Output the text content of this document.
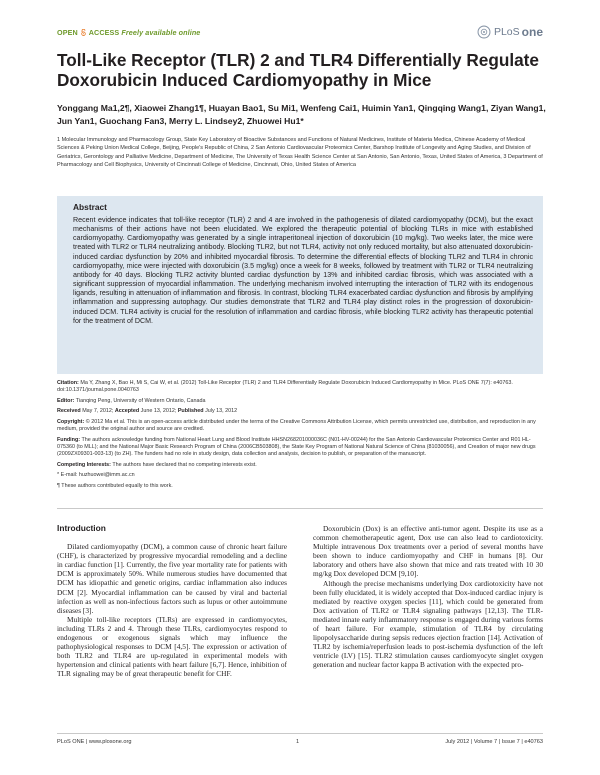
OPEN ACCESS Freely available online	PLoS one
Toll-Like Receptor (TLR) 2 and TLR4 Differentially Regulate Doxorubicin Induced Cardiomyopathy in Mice
Yonggang Ma1,2¶, Xiaowei Zhang1¶, Huayan Bao1, Su Mi1, Wenfeng Cai1, Huimin Yan1, Qingqing Wang1, Ziyan Wang1, Jun Yan1, Guochang Fan3, Merry L. Lindsey2, Zhuowei Hu1*
1 Molecular Immunology and Pharmacology Group, State Key Laboratory of Bioactive Substances and Functions of Natural Medicines, Institute of Materia Medica, Chinese Academy of Medical Sciences & Peking Union Medical College, Beijing, People's Republic of China, 2 San Antonio Cardiovascular Proteomics Center, Barshop Institute of Longevity and Aging Studies, and Division of Geriatrics, Gerontology and Palliative Medicine, Department of Medicine, The University of Texas Health Science Center at San Antonio, San Antonio, Texas, United States of America, 3 Department of Pharmacology and Cell Biophysics, University of Cincinnati College of Medicine, Cincinnati, Ohio, United States of America
Abstract
Recent evidence indicates that toll-like receptor (TLR) 2 and 4 are involved in the pathogenesis of dilated cardiomyopathy (DCM), but the exact mechanisms of their actions have not been elucidated. We explored the therapeutic potential of blocking TLRs in mice with established cardiomyopathy. Cardiomyopathy was generated by a single intraperitoneal injection of doxorubicin (10 mg/kg). Two weeks later, the mice were treated with TLR2 or TLR4 neutralizing antibody. Blocking TLR2, but not TLR4, activity not only reduced mortality, but also attenuated doxorubicin-induced cardiac dysfunction by 20% and inhibited myocardial fibrosis. To determine the differential effects of blocking TLR2 and TLR4 in chronic cardiomyopathy, mice were injected with doxorubicin (3.5 mg/kg) once a week for 8 weeks, followed by treatment with TLR2 or TLR4 neutralizing antibody for 40 days. Blocking TLR2 activity blunted cardiac dysfunction by 13% and inhibited cardiac fibrosis, which was associated with a significant suppression of myocardial inflammation. The underlying mechanism involved interrupting the interaction of TLR2 with its endogenous ligands, resulting in attenuation of inflammation and fibrosis. In contrast, blocking TLR4 exacerbated cardiac dysfunction and fibrosis by amplifying inflammation and suppressing autophagy. Our studies demonstrate that TLR2 and TLR4 play distinct roles in the progression of doxorubicin-induced DCM. TLR4 activity is crucial for the resolution of inflammation and cardiac fibrosis, while blocking TLR2 activity has therapeutic potential for the treatment of DCM.

Citation: Ma Y, Zhang X, Bao H, Mi S, Cai W, et al. (2012) Toll-Like Receptor (TLR) 2 and TLR4 Differentially Regulate Doxorubicin Induced Cardiomyopathy in Mice. PLoS ONE 7(7): e40763. doi:10.1371/journal.pone.0040763

Editor: Tianqing Peng, University of Western Ontario, Canada

Received May 7, 2012; Accepted June 13, 2012; Published July 13, 2012

Copyright: © 2012 Ma et al. This is an open-access article distributed under the terms of the Creative Commons Attribution License, which permits unrestricted use, distribution, and reproduction in any medium, provided the original author and source are credited.

Funding: The authors acknowledge funding from National Heart Lung and Blood Institute HHSN268201000036C (N01-HV-00244) for the San Antonio Cardiovascular Proteomics Center and R01 HL-075360 (to MLL); and the National Major Basic Research Program of China (2006CB503808), the State Key Program of National Natural Science of China (81030056), and Creation of major new drugs (2009ZX09301-003-13) (to ZH). The funders had no role in study design, data collection and analysis, decision to publish, or preparation of the manuscript.

Competing Interests: The authors have declared that no competing interests exist.

* E-mail: huzhuowei@imm.ac.cn

¶ These authors contributed equally to this work.

Introduction

Dilated cardiomyopathy (DCM), a common cause of chronic heart failure (CHF), is characterized by progressive myocardial remodeling and a decline in cardiac function [1]. Currently, the five year mortality rate for patients with DCM is approximately 50%. While numerous studies have documented that DCM has idiopathic and genetic origins, cardiac inflammation also induces DCM [2]. Myocardial inflammation can be caused by viral and bacterial infection as well as non-infectious factors such as lupus or other autoimmune diseases [3].

Multiple toll-like receptors (TLRs) are expressed in cardiomyocytes, including TLRs 2 and 4. Through these TLRs, cardiomyocytes respond to endogenous or exogenous signals which may influence the pathophysiological responses to DCM [4,5]. The expression or activation of both TLR2 and TLR4 are up-regulated in experimental models with hypertension and clinical patients with heart failure [6,7]. Hence, inhibition of TLR signaling may be of great therapeutic benefit for CHF.

Doxorubicin (Dox) is an effective anti-tumor agent. Despite its use as a common chemotherapeutic agent, Dox use can also lead to cardiotoxicity. Multiple intravenous Dox treatments over a period of several months have been shown to induce cardiomyopathy and CHF in humans [8]. Our laboratory and others have also shown that mice and rats treated with 10 30 mg/kg Dox developed DCM [9,10].

Although the precise mechanisms underlying Dox cardiotoxicity have not been fully elucidated, it is widely accepted that Dox-induced cardiac injury is mediated by reactive oxygen species [11], which could be generated from Dox activation of TLR2 or TLR4 signaling pathways [12,13]. The TLR-mediated innate early inflammatory response is engaged during various forms of heart failure. For example, stimulation of TLR4 by circulating lipopolysaccharide during sepsis reduces ejection fraction [14]. Activation of TLR2 by ischemia/reperfusion leads to post-ischemia dysfunction of the left ventricle (LV) [15]. TLR2 stimulation causes cardiomyocyte singlet oxygen generation and nuclear factor kappa B activation with the expected pro-

PLoS ONE | www.plosone.org	1	July 2012 | Volume 7 | Issue 7 | e40763
